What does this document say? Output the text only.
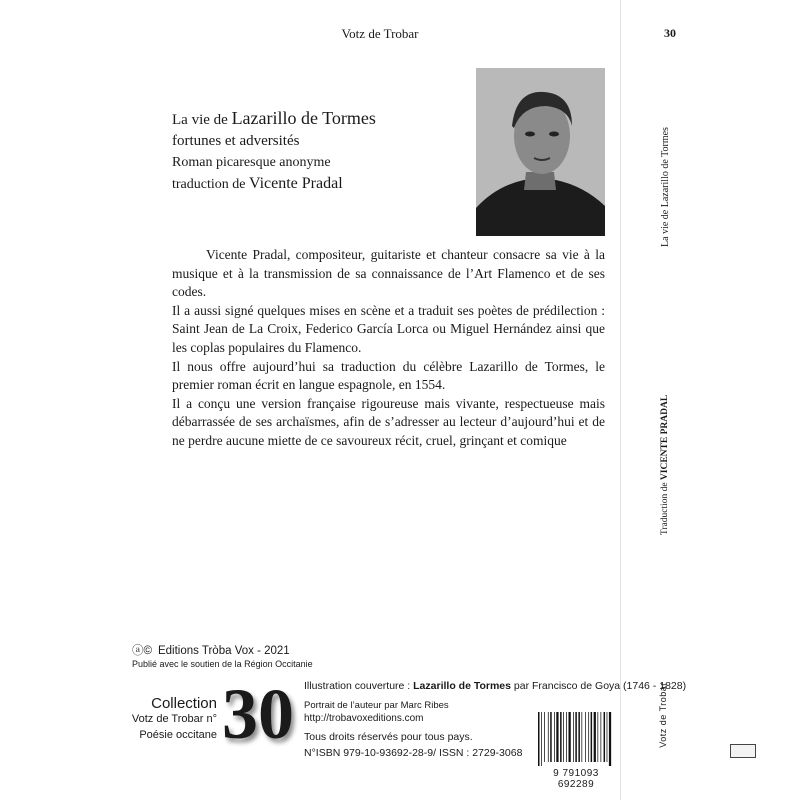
Votz de Trobar	30
La vie de Lazarillo de Tormes
fortunes et adversités
Roman picaresque anonyme
traduction de Vicente Pradal

Vicente Pradal, compositeur, guitariste et chanteur consacre sa vie à la musique et à la transmission de sa connaissance de l’Art Flamenco et de ses codes.

Il a aussi signé quelques mises en scène et a traduit ses poètes de prédilection : Saint Jean de La Croix, Federico García Lorca ou Miguel Hernández ainsi que les coplas populaires du Flamenco.

Il nous offre aujourd’hui sa traduction du célèbre Lazarillo de Tormes, le premier roman écrit en langue espagnole, en 1554.

Il a conçu une version française rigoureuse mais vivante, respectueuse mais débarrassée de ses archaïsmes, afin de s’adresser au lecteur d’aujourd’hui et de ne perdre aucune miette de ce savoureux récit, cruel, grinçant et comique

La vie de Lazarillo de Tormes
Traduction de VICENTE PRADAL
Votz de Trobar
ⓐ© Editions Tròba Vox - 2021
Publié avec le soutien de la Région Occitanie
Collection
Votz de Trobar n°
Poésie occitane 30 Illustration couverture : Lazarillo de Tormes par Francisco de Goya (1746 - 1828)
Portrait de l’auteur par Marc Ribes
http://trobavoxeditions.com
Tous droits réservés pour tous pays.
N°ISBN 979-10-93692-28-9/ ISSN : 2729-3068
9 791093 692289
